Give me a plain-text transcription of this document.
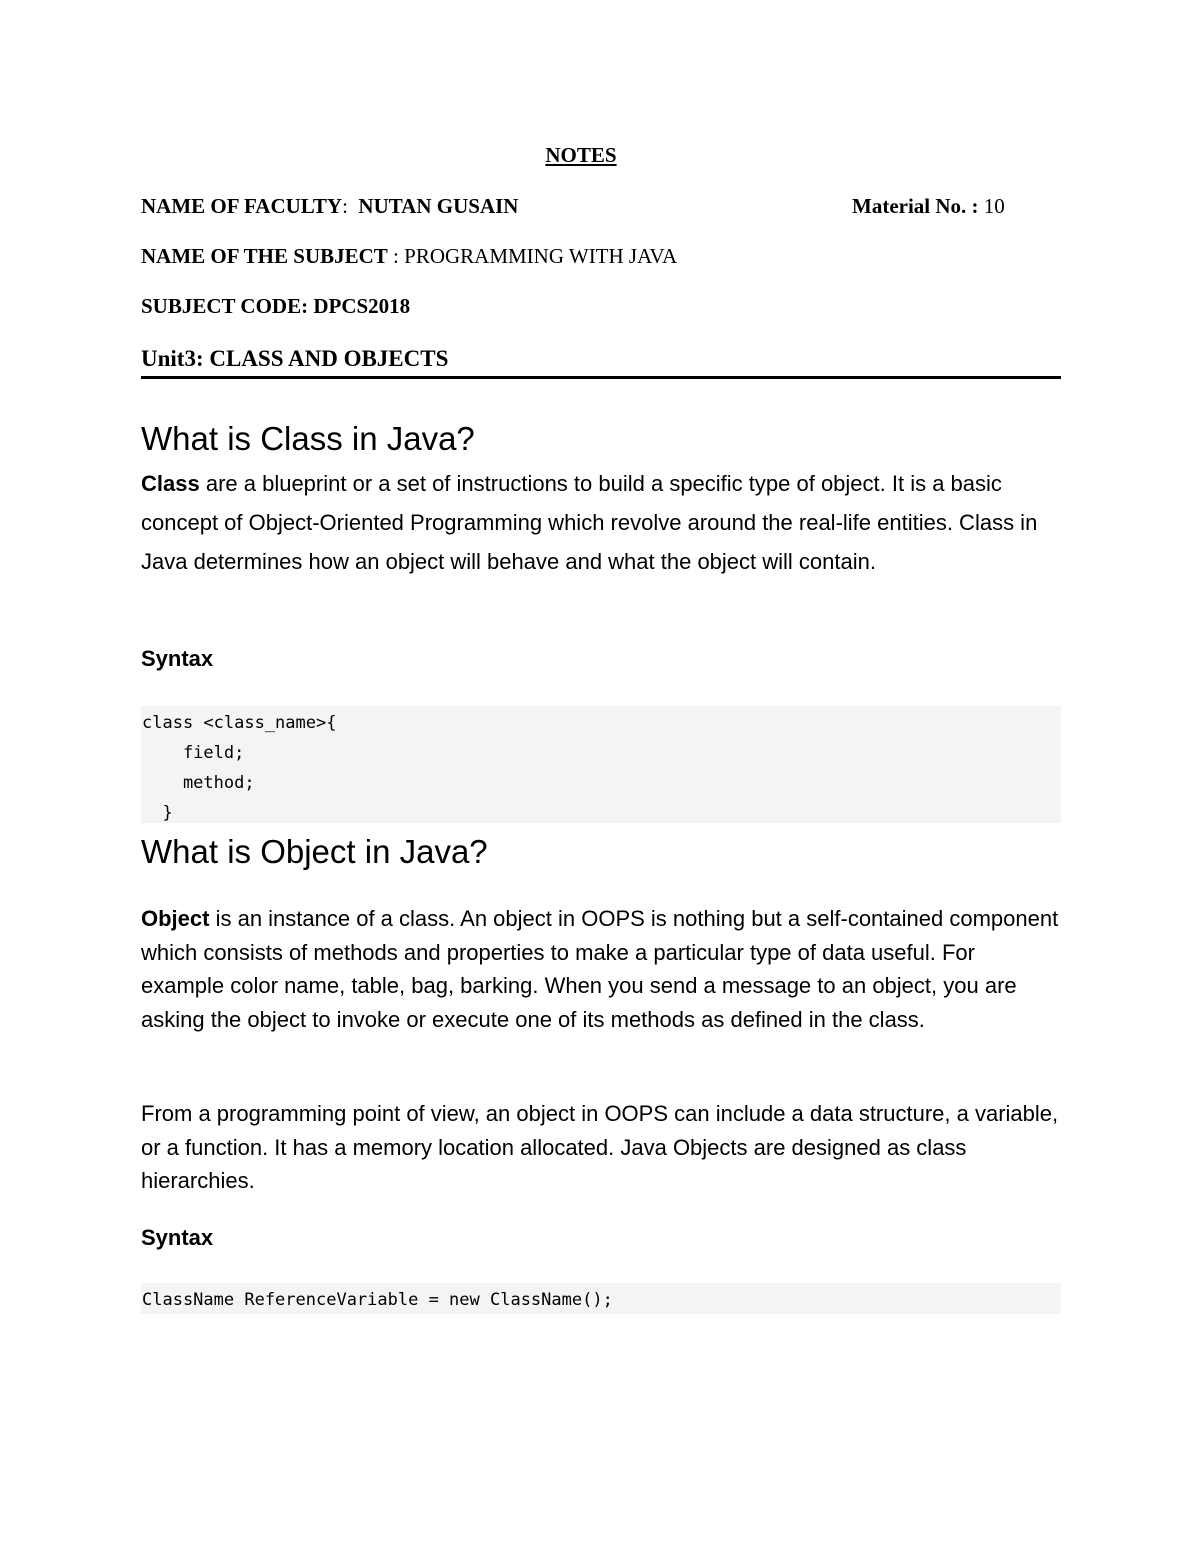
NOTES
NAME OF FACULTY: NUTAN GUSAIN	Material No. : 10
NAME OF THE SUBJECT : PROGRAMMING WITH JAVA
SUBJECT CODE: DPCS2018
Unit3: CLASS AND OBJECTS
What is Class in Java?

Class are a blueprint or a set of instructions to build a specific type of object. It is a basic concept of Object-Oriented Programming which revolve around the real-life entities. Class in Java determines how an object will behave and what the object will contain.

Syntax
class <class_name>{
field;
method;
}
What is Object in Java?

Object is an instance of a class. An object in OOPS is nothing but a self-contained component which consists of methods and properties to make a particular type of data useful. For example color name, table, bag, barking. When you send a message to an object, you are asking the object to invoke or execute one of its methods as defined in the class.

From a programming point of view, an object in OOPS can include a data structure, a variable, or a function. It has a memory location allocated. Java Objects are designed as class hierarchies.

Syntax
ClassName ReferenceVariable = new ClassName();
